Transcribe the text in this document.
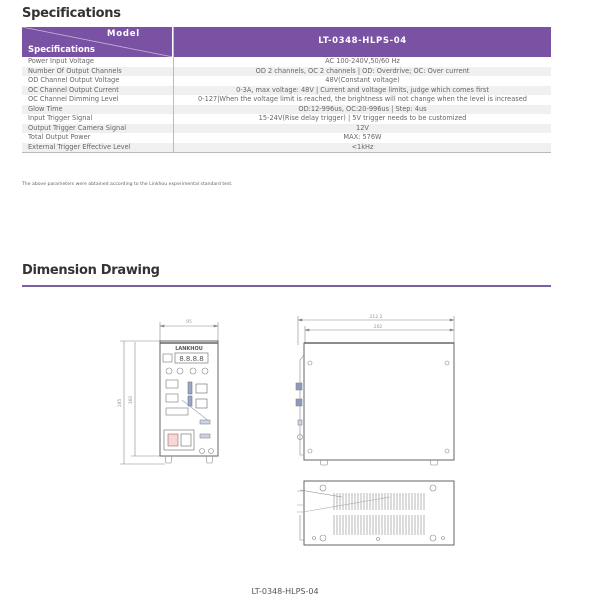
Specifications
Model
Specifications	LT-0348-HLPS-04
Power Input Voltage	AC 100-240V,50/60 Hz
Number Of Output Channels	OD 2 channels, OC 2 channels | OD: Overdrive; OC: Over current
OD Channel Output Voltage	48V(Constant voltage)
OC Channel Output Current	0-3A, max voltage: 48V | Current and voltage limits, judge which comes first
OC Channel Dimming Level	0-127|When the voltage limit is reached, the brightness will not change when the level is increased
Glow Time	OD:12-996us, OC:20-996us | Step: 4us
Input Trigger Signal	15-24V(Rise delay trigger) | 5V trigger needs to be customized
Output Trigger Camera Signal	12V
Total Output Power	MAX: 576W
External Trigger Effective Level	<1kHz
The above parameters were obtained according to the Linkhou experimental standard test.
Dimension Drawing
95
185 160
LANKHOU
8.8.8.8
212.2
202
LT-0348-HLPS-04
